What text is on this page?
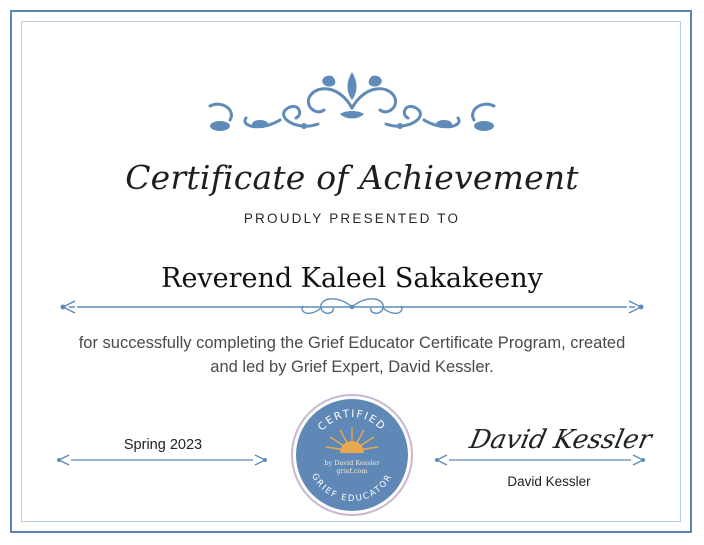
Certificate of Achievement
PROUDLY PRESENTED TO
Reverend Kaleel Sakakeeny
for successfully completing the Grief Educator Certificate Program, created
and led by Grief Expert, David Kessler.
Spring 2023	David Kessler
David Kessler
CERTIFIED
by David Kessler
grief.com
GRIEF EDUCATOR
